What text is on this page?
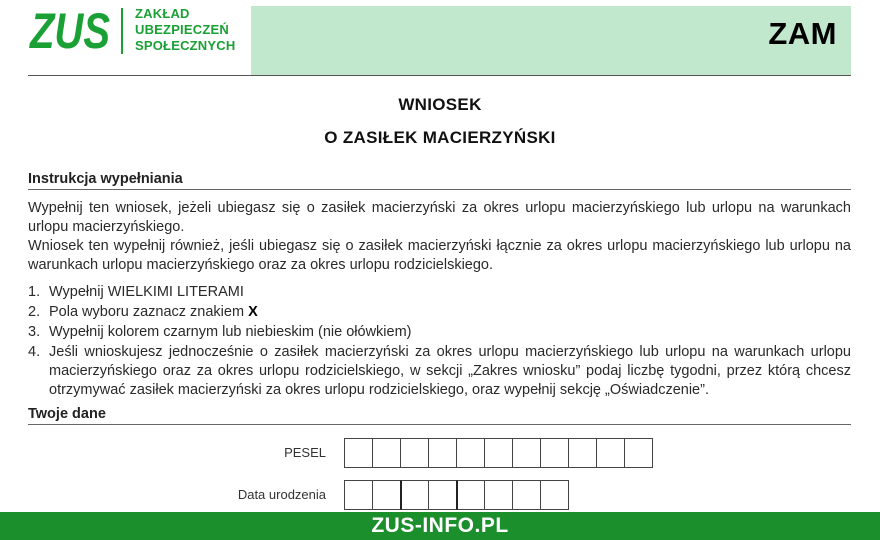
ZUS ZAKŁAD
UBEZPIECZEŃ
SPOŁECZNYCH	ZAM
WNIOSEK
O ZASIŁEK MACIERZYŃSKI
Instrukcja wypełniania
Wypełnij ten wniosek, jeżeli ubiegasz się o zasiłek macierzyński za okres urlopu macierzyńskiego lub urlopu na warunkach urlopu macierzyńskiego.
Wniosek ten wypełnij również, jeśli ubiegasz się o zasiłek macierzyński łącznie za okres urlopu macierzyńskiego lub urlopu na warunkach urlopu macierzyńskiego oraz za okres urlopu rodzicielskiego.
1. Wypełnij WIELKIMI LITERAMI
2. Pola wyboru zaznacz znakiem X
3. Wypełnij kolorem czarnym lub niebieskim (nie ołówkiem)
4. Jeśli wnioskujesz jednocześnie o zasiłek macierzyński za okres urlopu macierzyńskiego lub urlopu na warunkach urlopu macierzyńskiego oraz za okres urlopu rodzicielskiego, w sekcji „Zakres wniosku” podaj liczbę tygodni, przez którą chcesz otrzymywać zasiłek macierzyński za okres urlopu rodzicielskiego, oraz wypełnij sekcję „Oświadczenie”.
Twoje dane
PESEL
Data urodzenia
ZUS-INFO.PL
